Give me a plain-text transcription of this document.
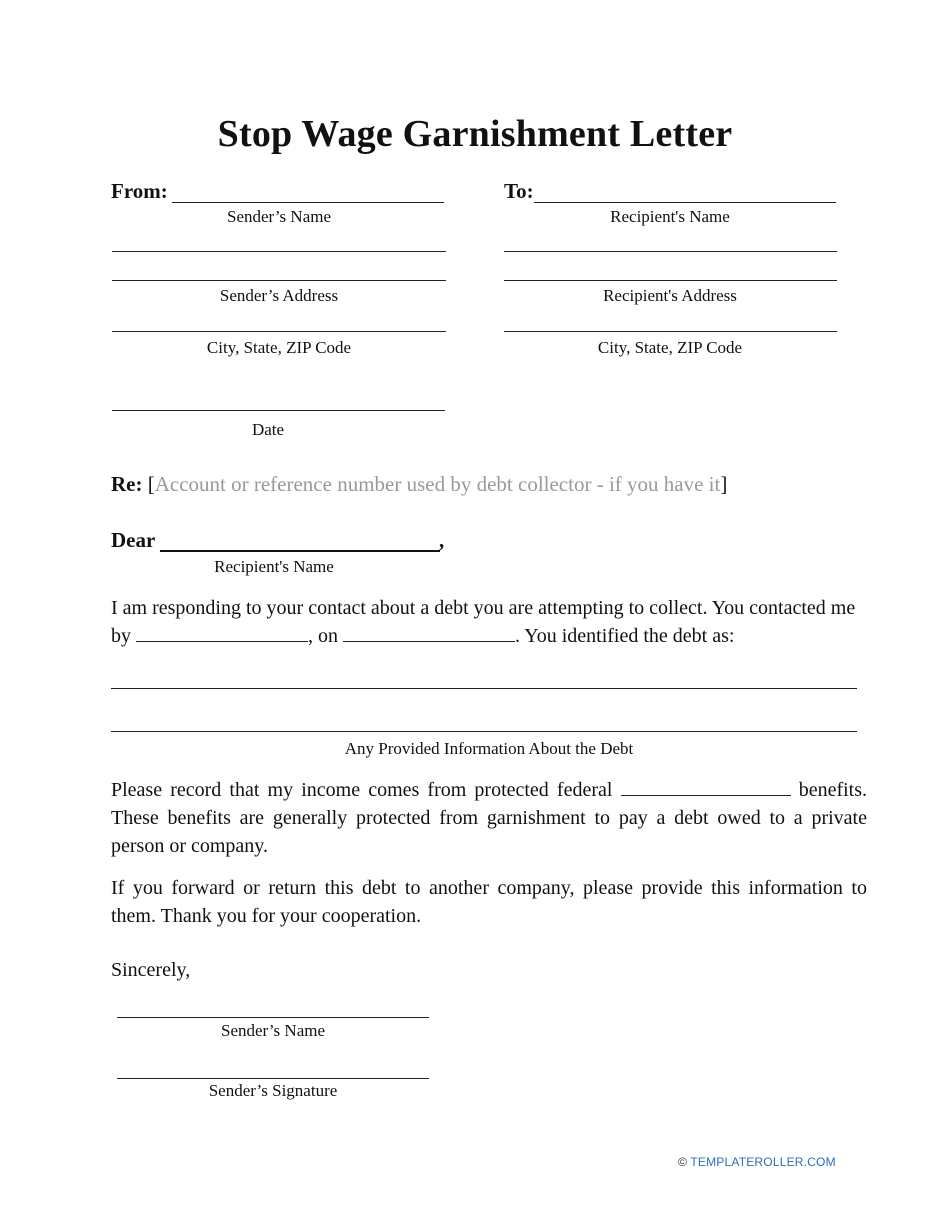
Stop Wage Garnishment Letter
From:
Sender’s Name
Sender’s Address
City, State, ZIP Code
To:
Recipient's Name
Recipient's Address
City, State, ZIP Code
Date
Re: [Account or reference number used by debt collector - if you have it]
Dear	,
Recipient's Name
I am responding to your contact about a debt you are attempting to collect. You contacted me by	, on	. You identified the debt as:
Any Provided Information About the Debt
Please record that my income comes from protected federal	benefits. These benefits are generally protected from garnishment to pay a debt owed to a private person or company.
If you forward or return this debt to another company, please provide this information to them. Thank you for your cooperation.
Sincerely,
Sender’s Name
Sender’s Signature
© TEMPLATEROLLER.COM
